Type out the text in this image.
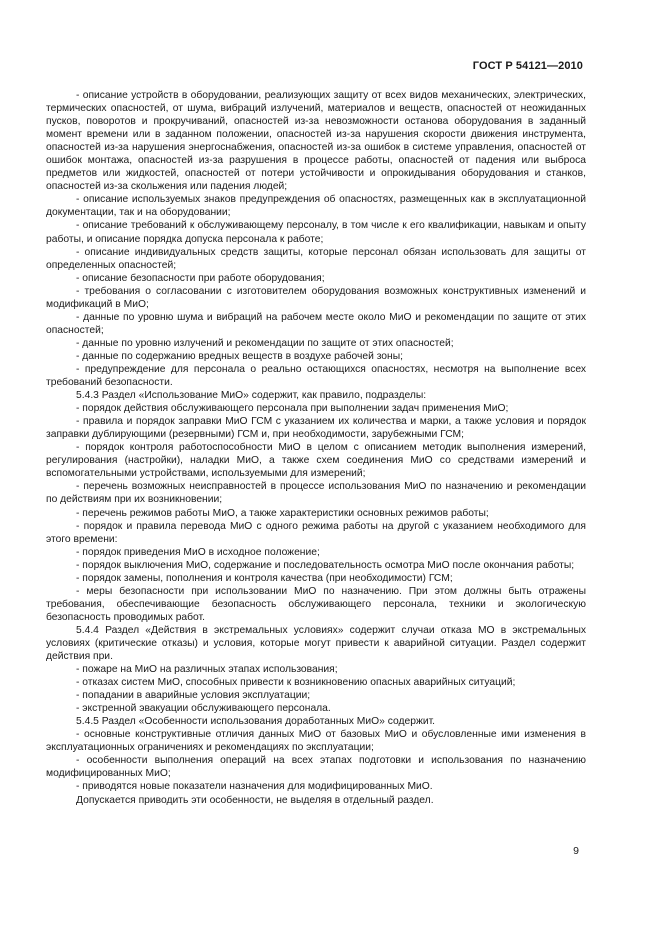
ГОСТ Р 54121—2010

- описание устройств в оборудовании, реализующих защиту от всех видов механических, электрических, термических опасностей, от шума, вибраций излучений, материалов и веществ, опасностей от неожиданных пусков, поворотов и прокручиваний, опасностей из-за невозможности останова оборудования в заданный момент времени или в заданном положении, опасностей из-за нарушения скорости движения инструмента, опасностей из-за нарушения энергоснабжения, опасностей из-за ошибок в системе управления, опасностей от ошибок монтажа, опасностей из-за разрушения в процессе работы, опасностей от падения или выброса предметов или жидкостей, опасностей от потери устойчивости и опрокидывания оборудования и станков, опасностей из-за скольжения или падения людей;

- описание используемых знаков предупреждения об опасностях, размещенных как в эксплуатационной документации, так и на оборудовании;

- описание требований к обслуживающему персоналу, в том числе к его квалификации, навыкам и опыту работы, и описание порядка допуска персонала к работе;

- описание индивидуальных средств защиты, которые персонал обязан использовать для защиты от определенных опасностей;

- описание безопасности при работе оборудования;

- требования о согласовании с изготовителем оборудования возможных конструктивных изменений и модификаций в МиО;

- данные по уровню шума и вибраций на рабочем месте около МиО и рекомендации по защите от этих опасностей;

- данные по уровню излучений и рекомендации по защите от этих опасностей;

- данные по содержанию вредных веществ в воздухе рабочей зоны;

- предупреждение для персонала о реально остающихся опасностях, несмотря на выполнение всех требований безопасности.

5.4.3 Раздел «Использование МиО» содержит, как правило, подразделы:

- порядок действия обслуживающего персонала при выполнении задач применения МиО;

- правила и порядок заправки МиО ГСМ с указанием их количества и марки, а также условия и порядок заправки дублирующими (резервными) ГСМ и, при необходимости, зарубежными ГСМ;

- порядок контроля работоспособности МиО в целом с описанием методик выполнения измерений, регулирования (настройки), наладки МиО, а также схем соединения МиО со средствами измерений и вспомогательными устройствами, используемыми для измерений;

- перечень возможных неисправностей в процессе использования МиО по назначению и рекомендации по действиям при их возникновении;

- перечень режимов работы МиО, а также характеристики основных режимов работы;

- порядок и правила перевода МиО с одного режима работы на другой с указанием необходимого для этого времени:

- порядок приведения МиО в исходное положение;

- порядок выключения МиО, содержание и последовательность осмотра МиО после окончания работы;

- порядок замены, пополнения и контроля качества (при необходимости) ГСМ;

- меры безопасности при использовании МиО по назначению. При этом должны быть отражены требования, обеспечивающие безопасность обслуживающего персонала, техники и экологическую безопасность проводимых работ.

5.4.4 Раздел «Действия в экстремальных условиях» содержит случаи отказа МО в экстремальных условиях (критические отказы) и условия, которые могут привести к аварийной ситуации. Раздел содержит действия при.

- пожаре на МиО на различных этапах использования;

- отказах систем МиО, способных привести к возникновению опасных аварийных ситуаций;

- попадании в аварийные условия эксплуатации;

- экстренной эвакуации обслуживающего персонала.

5.4.5 Раздел «Особенности использования доработанных МиО» содержит.

- основные конструктивные отличия данных МиО от базовых МиО и обусловленные ими изменения в эксплуатационных ограничениях и рекомендациях по эксплуатации;

- особенности выполнения операций на всех этапах подготовки и использования по назначению модифицированных МиО;

- приводятся новые показатели назначения для модифицированных МиО.

Допускается приводить эти особенности, не выделяя в отдельный раздел.

9
